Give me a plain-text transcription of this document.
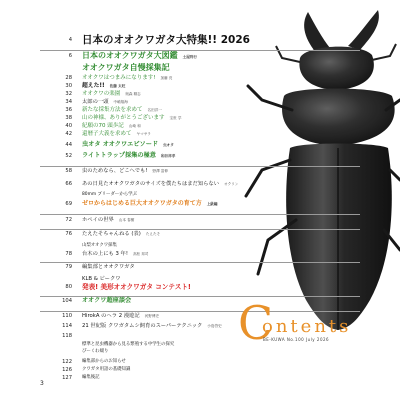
4 日本のオオクワガタ大特集!! 2026
6 日本のオオクワガタ大図鑑 土屋利行
オオクワガタ自慢採集記
28 オオクワはつまみになります! 加藤 亮
30 超えた!! 佐藤 太旺
32 オオクワの楽園 奥森 精志
34 太郎の一頭 中嶋翔海
36 新たな採集方法を求めて 名田洋一
38 山の神様、ありがとうございます 宝世 学
40 紀願の70 頭歩記 山崎 和
42 還暦子大義を求めて ヤマサラ
44 虫オタ オオクワエピソード 虫オタ
52 ライトトラップ採集の極意 和谷祥孝
58 虫のためなら、どこへでも! 野澤 富伸
66 あの日見たオオクワガタのサイズを僕たちはまだ知らない オクリン
80mm ブリーダーから学ぶ
69 ゼロからはじめる巨大オオクワガタの育て方 上級編
72 ホペイの世界 山本 春樹
76 たえたそちゃんねる (表) たえたそ
山梨オオクワ採集
78 台木の上にも 3 年! 高松 邦司
79 編集部とオオクワガタ
KLB & ビークワ
80 発表! 美形オオクワガタ コンテスト!
104 オオクワ超座談会
110 HirokA のヘラ 2 漫遊記 河野博史
114 21 世紀版 クワガタムシ飼育のスーパーテクニック 小島啓史
118
標準と昆虫機器から見る繁殖する中学生の探究
ぴーくわ綴り
122 編集部からのお知らせ
126 クワガタ用語の基礎知識
127 編集後記
C
ontents
BE-KUWA No.100 July 2026
3
